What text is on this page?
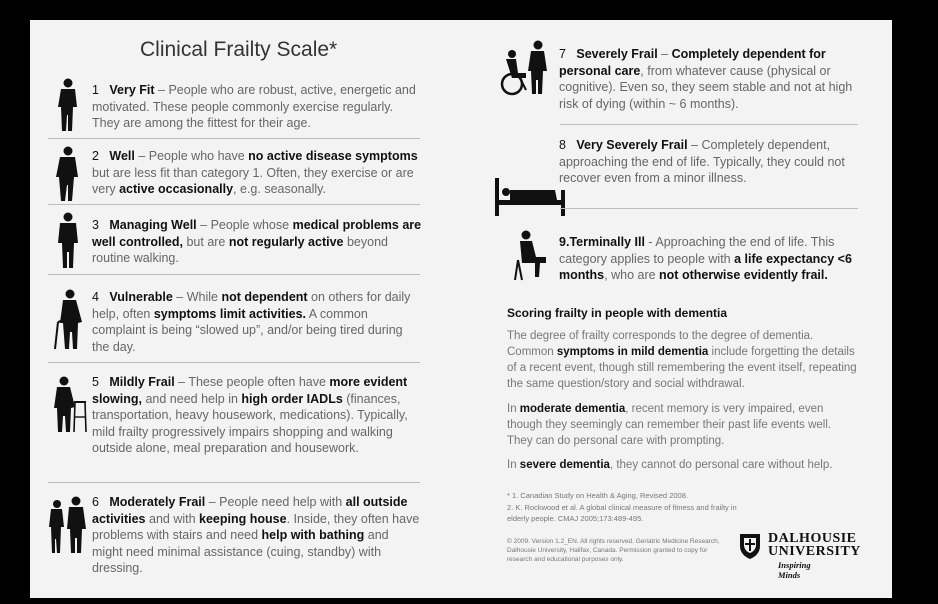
Clinical Frailty Scale*
1 Very Fit – People who are robust, active, energetic and motivated. These people commonly exercise regularly. They are among the fittest for their age.
2 Well – People who have no active disease symptoms but are less fit than category 1. Often, they exercise or are very active occasionally, e.g. seasonally.
3 Managing Well – People whose medical problems are well controlled, but are not regularly active beyond routine walking.
4 Vulnerable – While not dependent on others for daily help, often symptoms limit activities. A common complaint is being “slowed up”, and/or being tired during the day.
5 Mildly Frail – These people often have more evident slowing, and need help in high order IADLs (finances, transportation, heavy housework, medications). Typically, mild frailty progressively impairs shopping and walking outside alone, meal preparation and housework.
6 Moderately Frail – People need help with all outside activities and with keeping house. Inside, they often have problems with stairs and need help with bathing and might need minimal assistance (cuing, standby) with dressing.
7 Severely Frail – Completely dependent for personal care, from whatever cause (physical or cognitive). Even so, they seem stable and not at high risk of dying (within ~ 6 months).
8 Very Severely Frail – Completely dependent, approaching the end of life. Typically, they could not recover even from a minor illness.
9.Terminally Ill - Approaching the end of life. This category applies to people with a life expectancy <6 months, who are not otherwise evidently frail.
Scoring frailty in people with dementia
The degree of frailty corresponds to the degree of dementia. Common symptoms in mild dementia include forgetting the details of a recent event, though still remembering the event itself, repeating the same question/story and social withdrawal.
In moderate dementia, recent memory is very impaired, even though they seemingly can remember their past life events well. They can do personal care with prompting.
In severe dementia, they cannot do personal care without help.
* 1. Canadian Study on Health & Aging, Revised 2008.
2. K. Rockwood et al. A global clinical measure of fitness and frailty in elderly people. CMAJ 2005;173:489-495.
© 2009. Version 1.2_EN. All rights reserved. Geriatric Medicine Research, Dalhousie University, Halifax, Canada. Permission granted to copy for research and educational purposes only.
DALHOUSIE
UNIVERSITY
Inspiring Minds
